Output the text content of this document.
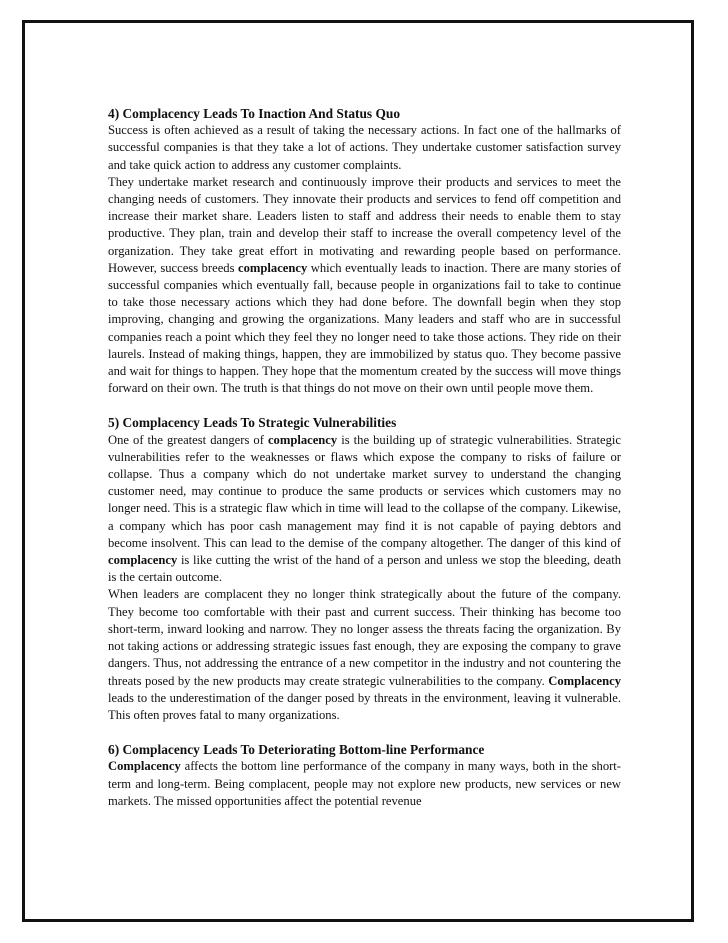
4) Complacency Leads To Inaction And Status Quo

Success is often achieved as a result of taking the necessary actions. In fact one of the hallmarks of successful companies is that they take a lot of actions. They undertake customer satisfaction survey and take quick action to address any customer complaints.

They undertake market research and continuously improve their products and services to meet the changing needs of customers. They innovate their products and services to fend off competition and increase their market share. Leaders listen to staff and address their needs to enable them to stay productive. They plan, train and develop their staff to increase the overall competency level of the organization. They take great effort in motivating and rewarding people based on performance. However, success breeds complacency which eventually leads to inaction. There are many stories of successful companies which eventually fall, because people in organizations fail to take to continue to take those necessary actions which they had done before. The downfall begin when they stop improving, changing and growing the organizations. Many leaders and staff who are in successful companies reach a point which they feel they no longer need to take those actions. They ride on their laurels. Instead of making things, happen, they are immobilized by status quo. They become passive and wait for things to happen. They hope that the momentum created by the success will move things forward on their own. The truth is that things do not move on their own until people move them.

5) Complacency Leads To Strategic Vulnerabilities

One of the greatest dangers of complacency is the building up of strategic vulnerabilities. Strategic vulnerabilities refer to the weaknesses or flaws which expose the company to risks of failure or collapse. Thus a company which do not undertake market survey to understand the changing customer need, may continue to produce the same products or services which customers may no longer need. This is a strategic flaw which in time will lead to the collapse of the company. Likewise, a company which has poor cash management may find it is not capable of paying debtors and become insolvent. This can lead to the demise of the company altogether. The danger of this kind of complacency is like cutting the wrist of the hand of a person and unless we stop the bleeding, death is the certain outcome.

When leaders are complacent they no longer think strategically about the future of the company. They become too comfortable with their past and current success. Their thinking has become too short-term, inward looking and narrow. They no longer assess the threats facing the organization. By not taking actions or addressing strategic issues fast enough, they are exposing the company to grave dangers. Thus, not addressing the entrance of a new competitor in the industry and not countering the threats posed by the new products may create strategic vulnerabilities to the company. Complacency leads to the underestimation of the danger posed by threats in the environment, leaving it vulnerable. This often proves fatal to many organizations.

6) Complacency Leads To Deteriorating Bottom-line Performance

Complacency affects the bottom line performance of the company in many ways, both in the short-term and long-term. Being complacent, people may not explore new products, new services or new markets. The missed opportunities affect the potential revenue
